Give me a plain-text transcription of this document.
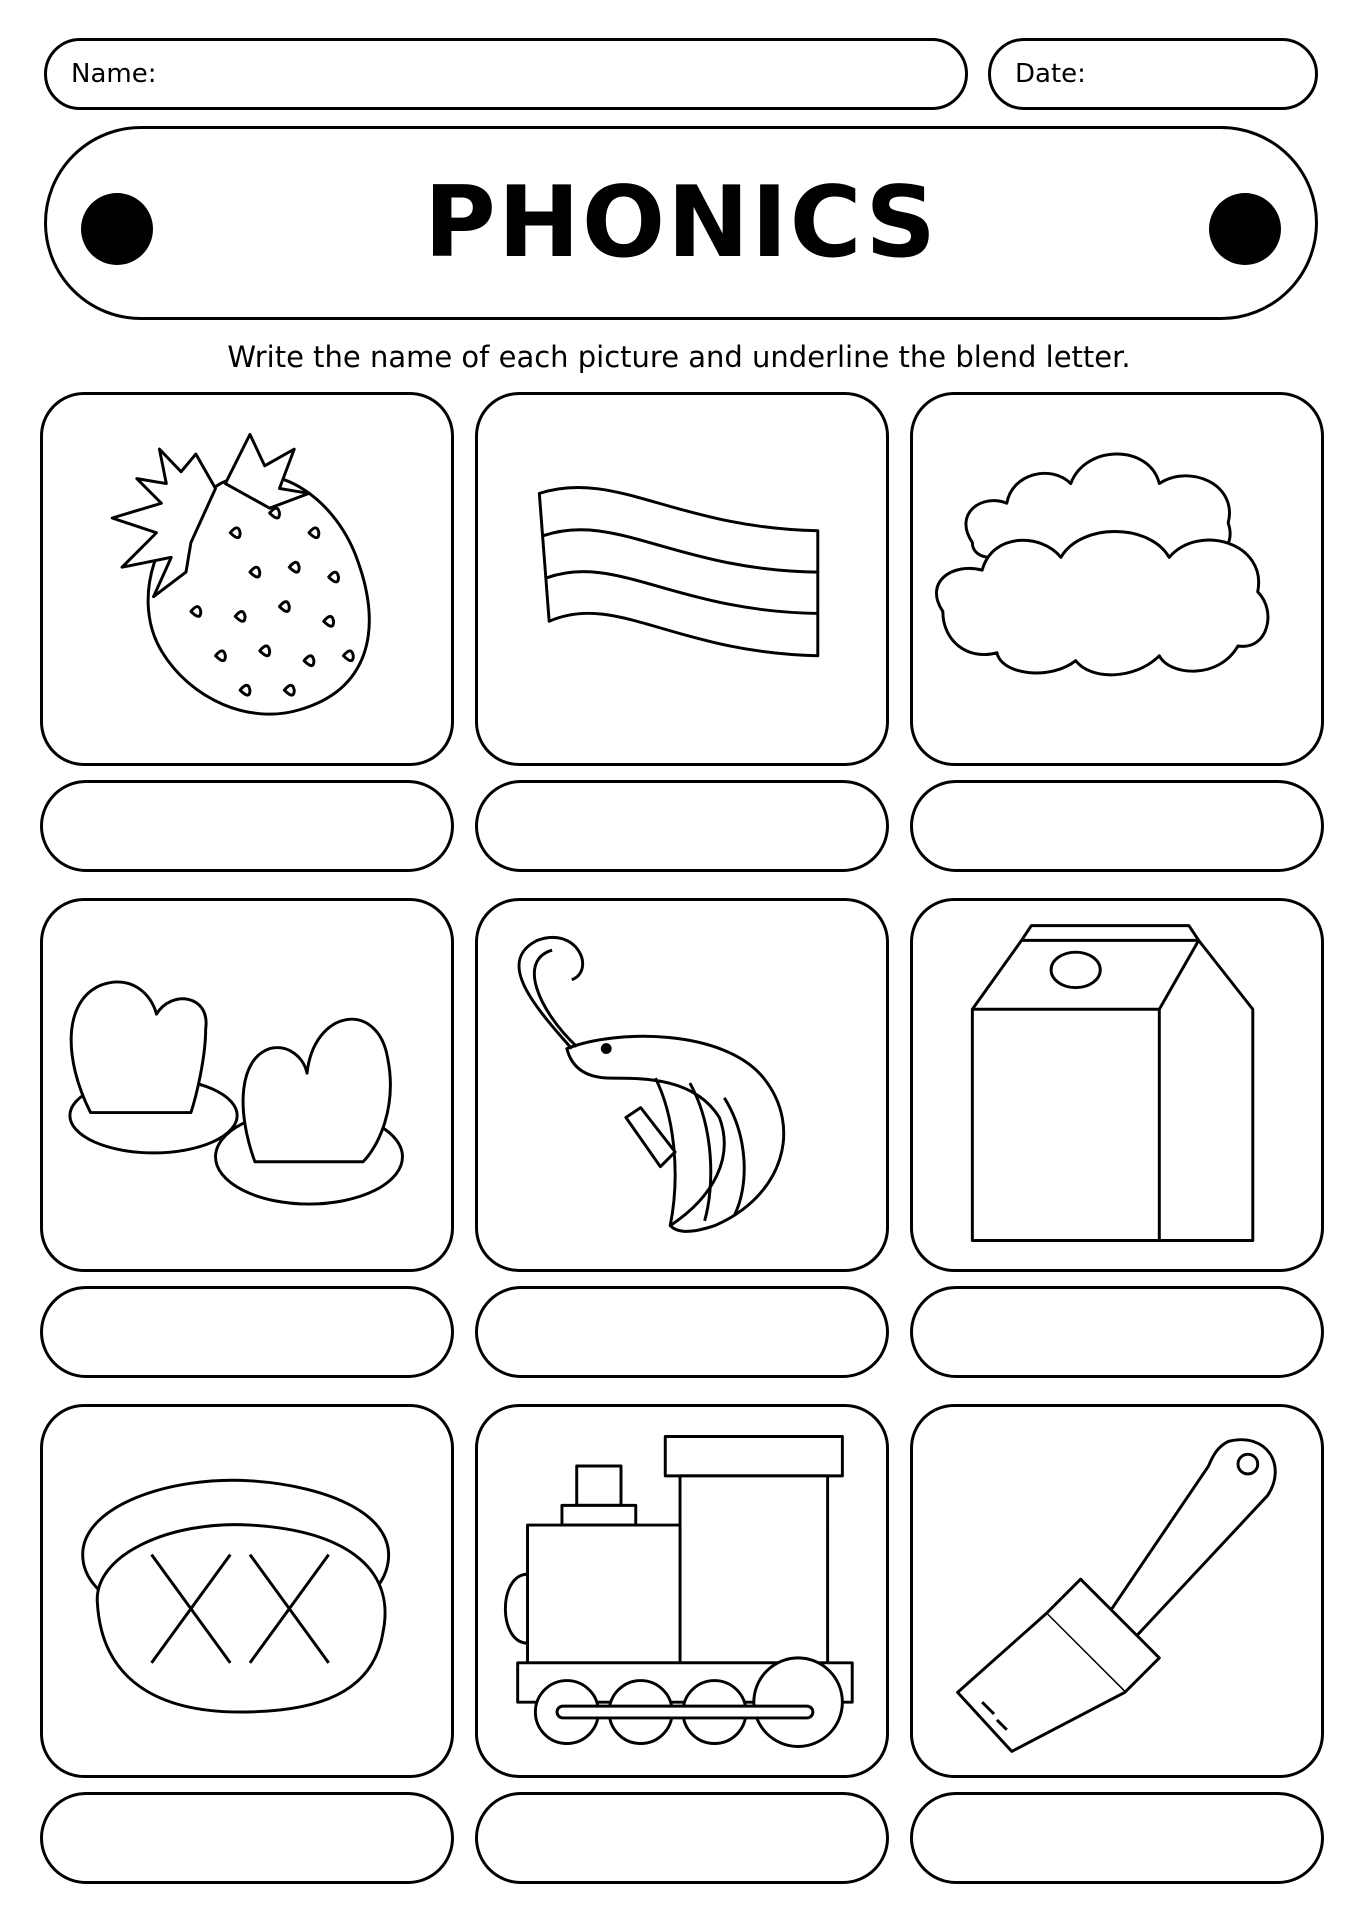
Name:	Date:
PHONICS
Write the name of each picture and underline the blend letter.
